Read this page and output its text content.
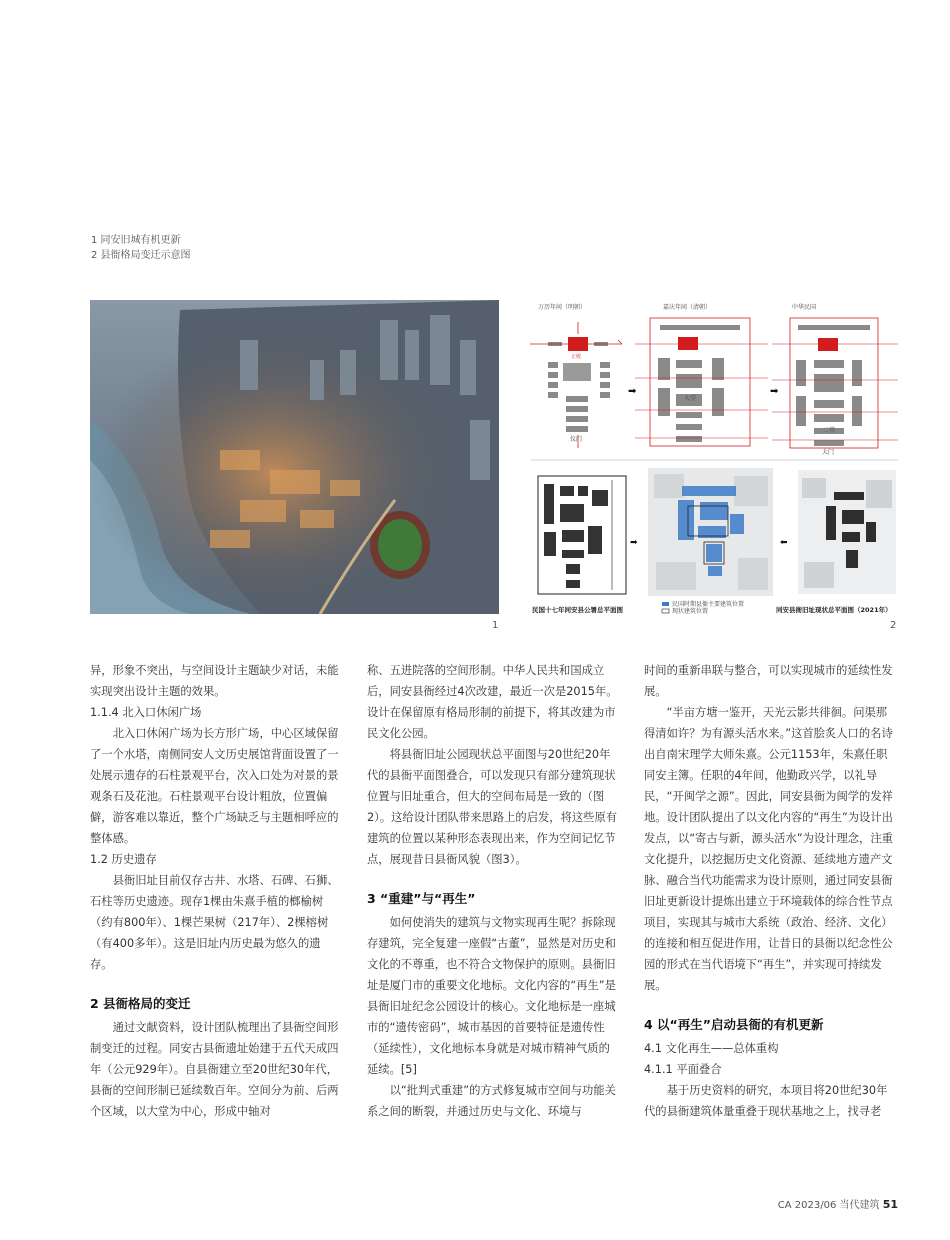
1 同安旧城有机更新
2 县衙格局变迁示意图
1
万历年间（明朝）	嘉庆年间（清朝）	中华民国
正殿
仪门
➡
大堂
➡
二堂
大门
民国十七年同安县公署总平面图
➡
民国时期县衙主要建筑位置
现状建筑位置
⬅
同安县衙旧址现状总平面图（2021年）
2

异，形象不突出，与空间设计主题缺少对话，未能实现突出设计主题的效果。

1.1.4 北入口休闲广场

北入口休闲广场为长方形广场，中心区域保留了一个水塔，南侧同安人文历史展馆背面设置了一处展示遗存的石柱景观平台，次入口处为对景的景观条石及花池。石柱景观平台设计粗放，位置偏僻，游客难以靠近，整个广场缺乏与主题相呼应的整体感。

1.2 历史遗存

县衙旧址目前仅存古井、水塔、石碑、石狮、石柱等历史遗迹。现存1棵由朱熹手植的榔榆树（约有800年）、1棵芒果树（217年）、2棵榕树（有400多年）。这是旧址内历史最为悠久的遗存。

2 县衙格局的变迁

通过文献资料，设计团队梳理出了县衙空间形制变迁的过程。同安古县衙遗址始建于五代天成四年（公元929年）。自县衙建立至20世纪30年代，县衙的空间形制已延续数百年。空间分为前、后两个区域，以大堂为中心，形成中轴对

称、五进院落的空间形制。中华人民共和国成立后，同安县衙经过4次改建，最近一次是2015年。设计在保留原有格局形制的前提下，将其改建为市民文化公园。

将县衙旧址公园现状总平面图与20世纪20年代的县衙平面图叠合，可以发现只有部分建筑现状位置与旧址重合，但大的空间布局是一致的（图2）。这给设计团队带来思路上的启发，将这些原有建筑的位置以某种形态表现出来，作为空间记忆节点，展现昔日县衙风貌（图3）。

3 “重建”与“再生”

如何使消失的建筑与文物实现再生呢？拆除现存建筑，完全复建一座假“古董”，显然是对历史和文化的不尊重，也不符合文物保护的原则。县衙旧址是厦门市的重要文化地标。文化内容的“再生”是县衙旧址纪念公园设计的核心。文化地标是一座城市的“遗传密码”，城市基因的首要特征是遗传性（延续性），文化地标本身就是对城市精神气质的延续。[5]

以“批判式重建”的方式修复城市空间与功能关系之间的断裂，并通过历史与文化、环境与

时间的重新串联与整合，可以实现城市的延续性发展。

“半亩方塘一鉴开，天光云影共徘徊。问渠那得清如许？为有源头活水来。”这首脍炙人口的名诗出自南宋理学大师朱熹。公元1153年，朱熹任职同安主簿。任职的4年间，他勤政兴学，以礼导民，“开闽学之源”。因此，同安县衙为闽学的发祥地。设计团队提出了以文化内容的“再生”为设计出发点，以“寄古与新，源头活水”为设计理念，注重文化提升，以挖掘历史文化资源、延续地方遗产文脉、融合当代功能需求为设计原则，通过同安县衙旧址更新设计提炼出建立于环境载体的综合性节点项目，实现其与城市大系统（政治、经济、文化）的连接和相互促进作用，让昔日的县衙以纪念性公园的形式在当代语境下“再生”，并实现可持续发展。

4 以“再生”启动县衙的有机更新

4.1 文化再生——总体重构

4.1.1 平面叠合

基于历史资料的研究，本项目将20世纪30年代的县衙建筑体量重叠于现状基地之上，找寻老

CA 2023/06 当代建筑 51
